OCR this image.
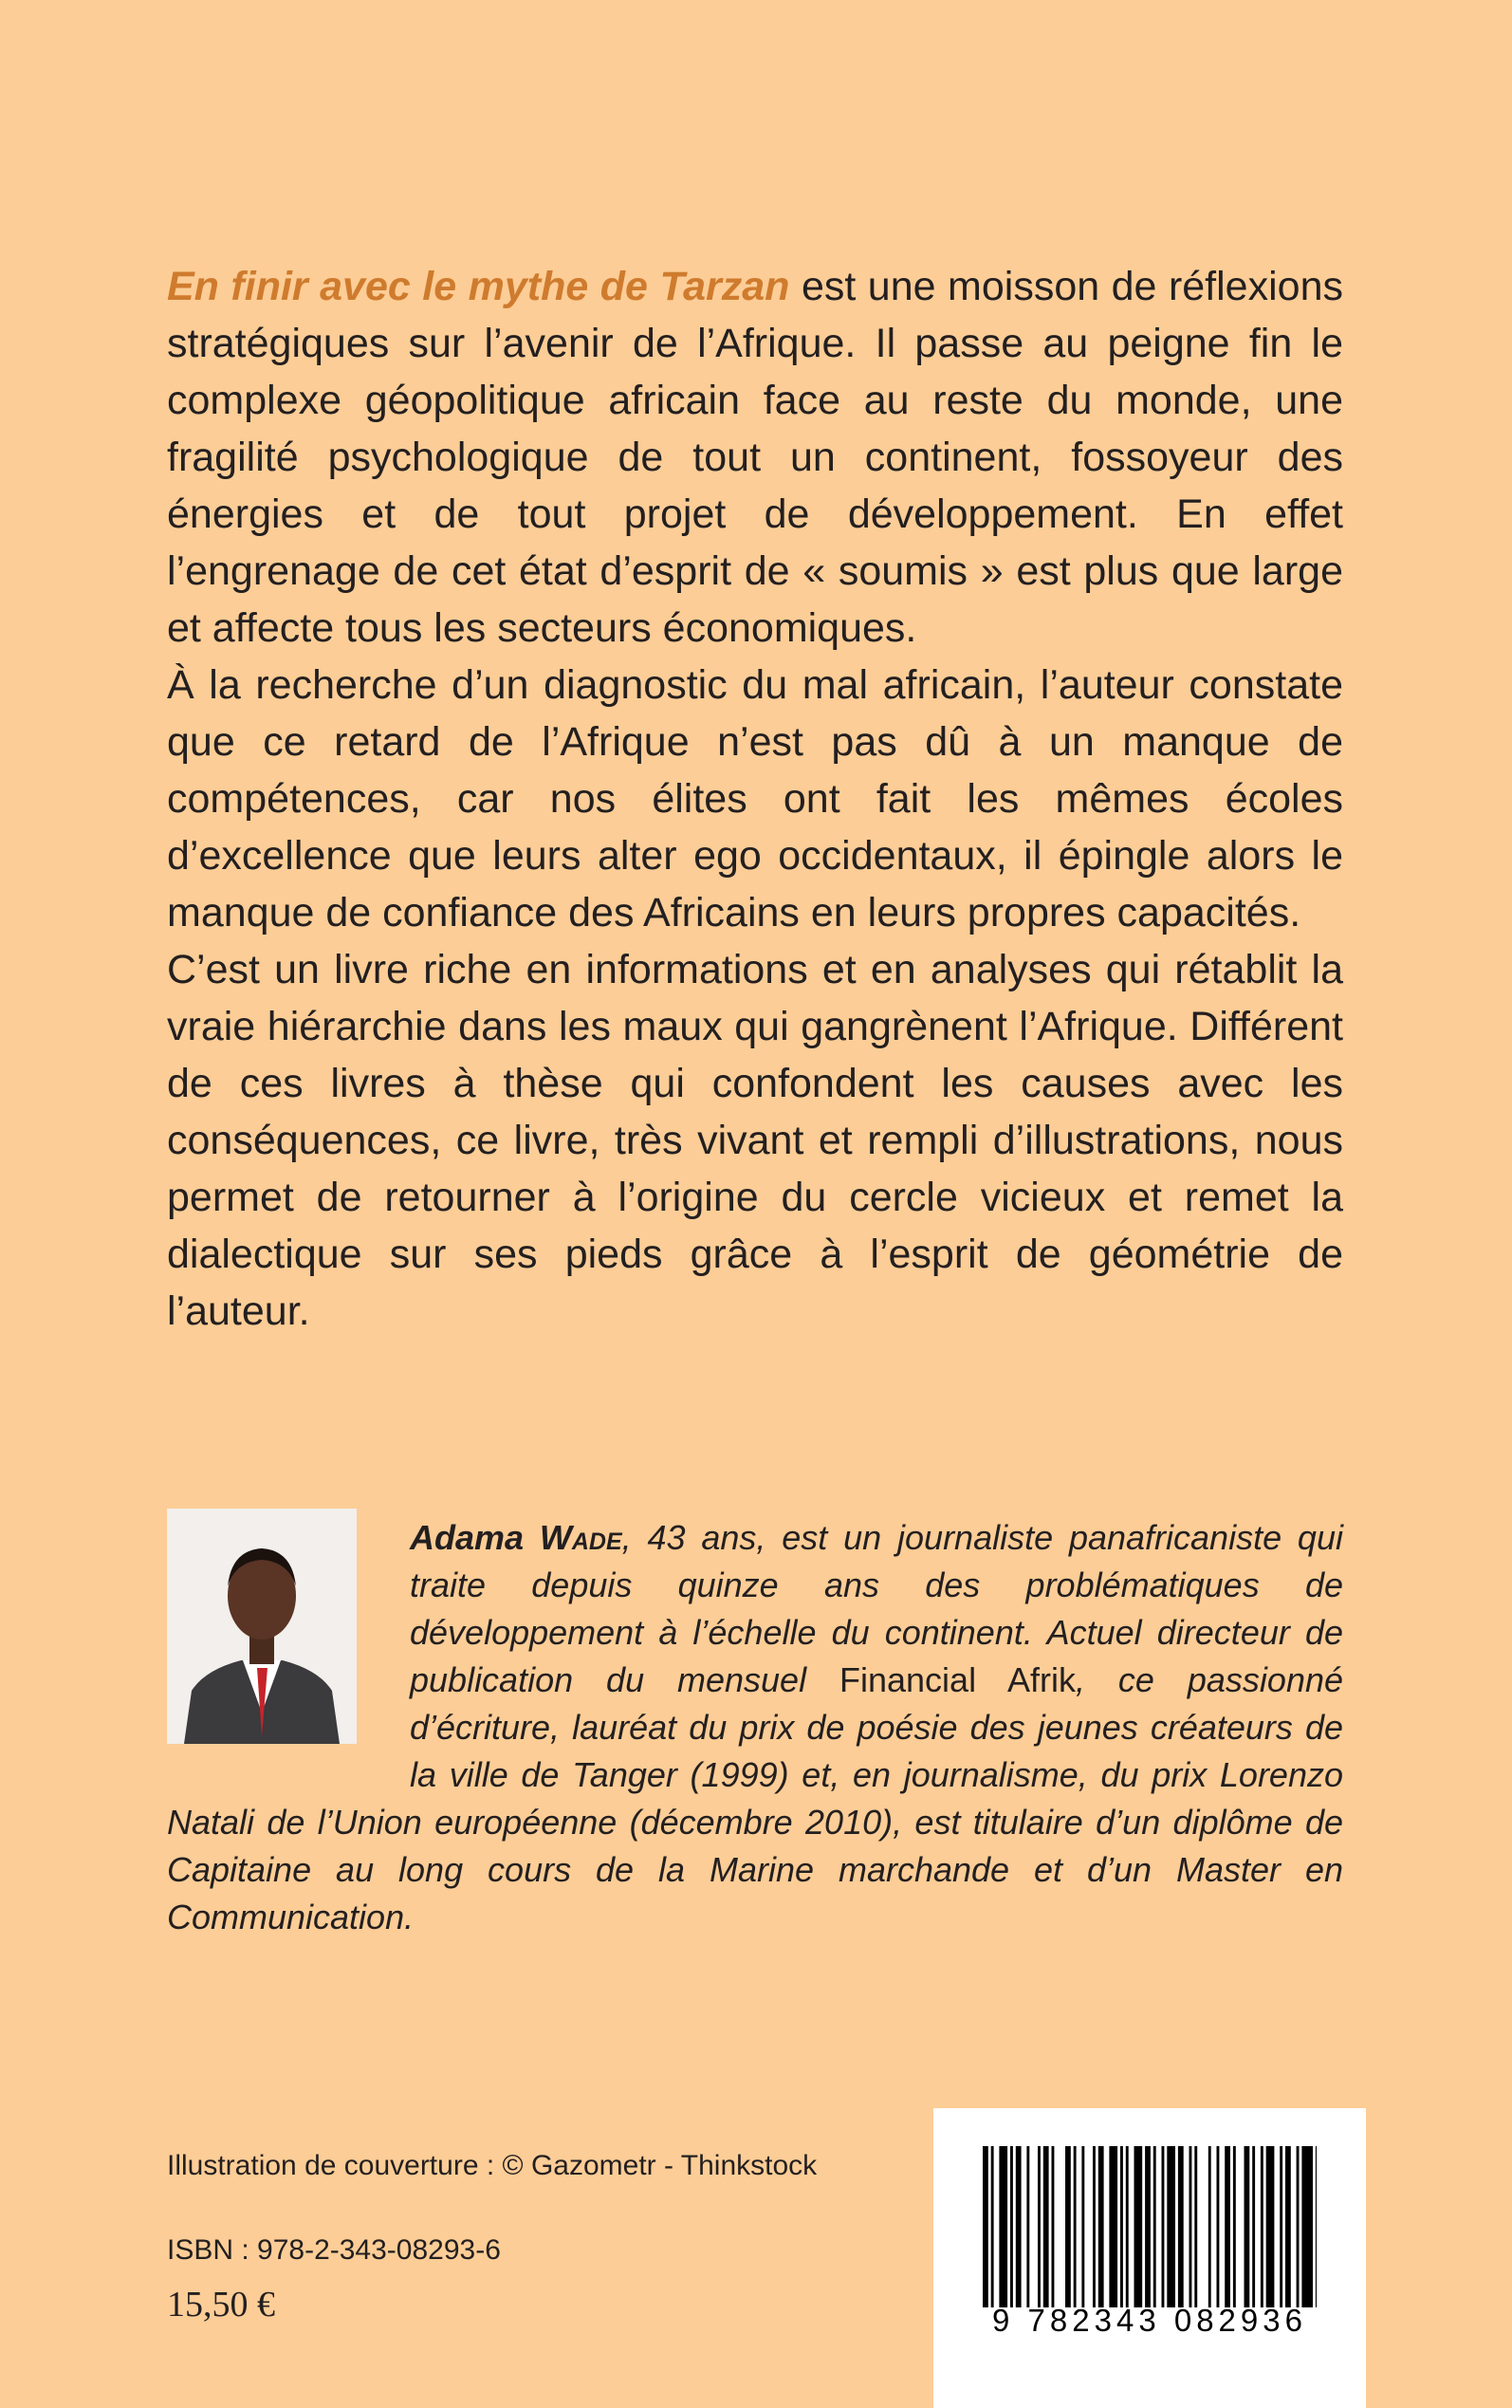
En finir avec le mythe de Tarzan est une moisson de réflexions stratégiques sur l’avenir de l’Afrique. Il passe au peigne fin le complexe géopolitique africain face au reste du monde, une fragilité psychologique de tout un continent, fossoyeur des énergies et de tout projet de développement. En effet l’engrenage de cet état d’esprit de « soumis » est plus que large et affecte tous les secteurs économiques.

À la recherche d’un diagnostic du mal africain, l’auteur constate que ce retard de l’Afrique n’est pas dû à un manque de compétences, car nos élites ont fait les mêmes écoles d’excellence que leurs alter ego occidentaux, il épingle alors le manque de confiance des Africains en leurs propres capacités.

C’est un livre riche en informations et en analyses qui rétablit la vraie hiérarchie dans les maux qui gangrènent l’Afrique. Différent de ces livres à thèse qui confondent les causes avec les conséquences, ce livre, très vivant et rempli d’illustrations, nous permet de retourner à l’origine du cercle vicieux et remet la dialectique sur ses pieds grâce à l’esprit de géométrie de l’auteur.

Adama Wade, 43 ans, est un journaliste panafricaniste qui traite depuis quinze ans des problématiques de développement à l’échelle du continent. Actuel directeur de publication du mensuel Financial Afrik, ce passionné d’écriture, lauréat du prix de poésie des jeunes créateurs de la ville de Tanger (1999) et, en journalisme, du prix Lorenzo Natali de l’Union européenne (décembre 2010), est titulaire d’un diplôme de Capitaine au long cours de la Marine marchande et d’un Master en Communication.
Illustration de couverture : © Gazometr - Thinkstock
ISBN : 978-2-343-08293-6
15,50 €	9 782343 082936
